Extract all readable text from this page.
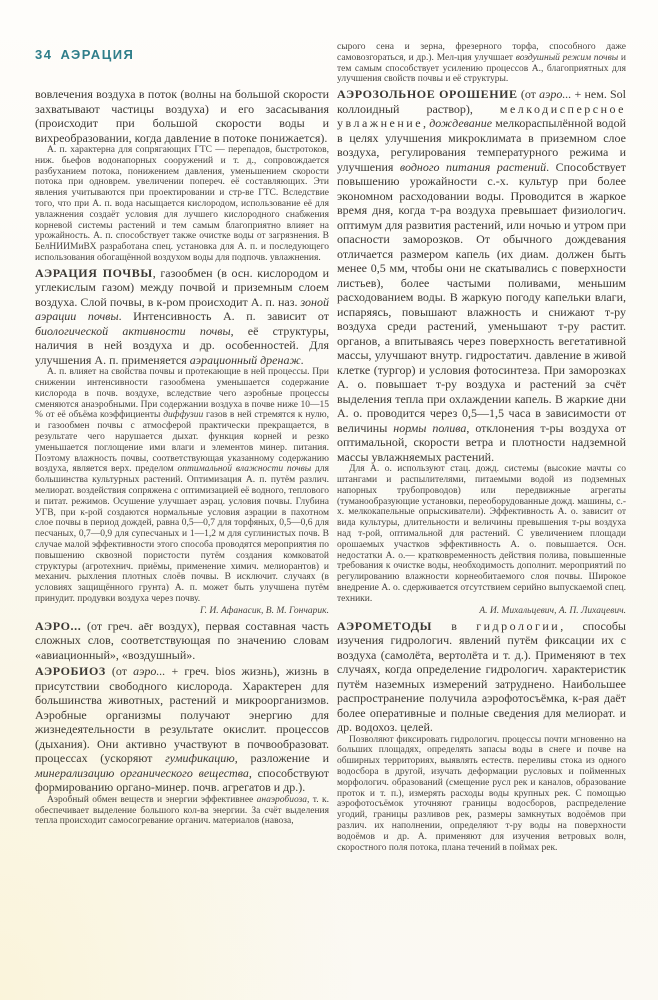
34 АЭРАЦИЯ

вовлечения воздуха в поток (волны на большой скорости захватывают частицы воздуха) и его засасывания (происходит при большой скорости воды и вихреобразовании, когда давление в потоке понижается).

А. п. характерна для сопрягающих ГТС — перепадов, быстротоков, ниж. бьефов водонапорных сооружений и т. д., сопровождается разбуханием потока, понижением давления, уменьшением скорости потока при одноврем. увеличении попереч. её составляющих. Эти явления учитываются при проектировании и стр-ве ГТС. Вследствие того, что при А. п. вода насыщается кислородом, использование её для увлажнения создаёт условия для лучшего кислородного снабжения корневой системы растений и тем самым благоприятно влияет на урожайность. А. п. способствует также очистке воды от загрязнения. В БелНИИМиВХ разработана спец. установка для А. п. и последующего использования обогащённой воздухом воды для подпочв. увлажнения.

АЭРАЦИЯ ПОЧВЫ, газообмен (в осн. кислородом и углекислым газом) между почвой и приземным слоем воздуха. Слой почвы, в к-ром происходит А. п. наз. зоной аэрации почвы. Интенсивность А. п. зависит от биологической активности почвы, её структуры, наличия в ней воздуха и др. особенностей. Для улучшения А. п. применяется аэрационный дренаж.

А. п. влияет на свойства почвы и протекающие в ней процессы. При снижении интенсивности газообмена уменьшается содержание кислорода в почв. воздухе, вследствие чего аэробные процессы сменяются анаэробными. При содержании воздуха в почве ниже 10—15 % от её объёма коэффициенты диффузии газов в ней стремятся к нулю, и газообмен почвы с атмосферой практически прекращается, в результате чего нарушается дыхат. функция корней и резко уменьшается поглощение ими влаги и элементов минер. питания. Поэтому влажность почвы, соответствующая указанному содержанию воздуха, является верх. пределом оптимальной влажности почвы для большинства культурных растений. Оптимизация А. п. путём различ. мелиорат. воздействия сопряжена с оптимизацией её водного, теплового и питат. режимов. Осушение улучшает аэрац. условия почвы. Глубина УГВ, при к-рой создаются нормальные условия аэрации в пахотном слое почвы в период дождей, равна 0,5—0,7 для торфяных, 0,5—0,6 для песчаных, 0,7—0,9 для супесчаных и 1—1,2 м для суглинистых почв. В случае малой эффективности этого способа проводятся мероприятия по повышению сквозной пористости путём создания комковатой структуры (агротехнич. приёмы, применение химич. мелиорантов) и механич. рыхления плотных слоёв почвы. В исключит. случаях (в условиях защищённого грунта) А. п. может быть улучшена путём принудит. продувки воздуха через почву.

Г. И. Афанасик, В. М. Гончарик.

АЭРО... (от греч. aēr воздух), первая составная часть сложных слов, соответствующая по значению словам «авиационный», «воздушный».

АЭРОБИОЗ (от аэро... + греч. bios жизнь), жизнь в присутствии свободного кислорода. Характерен для большинства животных, растений и микроорганизмов. Аэробные организмы получают энергию для жизнедеятельности в результате окислит. процессов (дыхания). Они активно участвуют в почвообразоват. процессах (ускоряют гумификацию, разложение и минерализацию органического вещества, способствуют формированию органо-минер. почв. агрегатов и др.).

Аэробный обмен веществ и энергии эффективнее анаэробиоза, т. к. обеспечивает выделение большого кол-ва энергии. За счёт выделения тепла происходит самосогревание органич. материалов (навоза,

сырого сена и зерна, фрезерного торфа, способного даже самовозгораться, и др.). Мел-ция улучшает воздушный режим почвы и тем самым способствует усилению процессов А., благоприятных для улучшения свойств почвы и её структуры.

АЭРОЗОЛЬНОЕ ОРОШЕНИЕ (от аэро... + нем. Sol коллоидный раствор), мелкодисперсное увлажнение, дождевание мелкораспылённой водой в целях улучшения микроклимата в приземном слое воздуха, регулирования температурного режима и улучшения водного питания растений. Способствует повышению урожайности с.-х. культур при более экономном расходовании воды. Проводится в жаркое время дня, когда т-ра воздуха превышает физиологич. оптимум для развития растений, или ночью и утром при опасности заморозков. От обычного дождевания отличается размером капель (их диам. должен быть менее 0,5 мм, чтобы они не скатывались с поверхности листьев), более частыми поливами, меньшим расходованием воды. В жаркую погоду капельки влаги, испаряясь, повышают влажность и снижают т-ру воздуха среди растений, уменьшают т-ру растит. органов, а впитываясь через поверхность вегетативной массы, улучшают внутр. гидростатич. давление в живой клетке (тургор) и условия фотосинтеза. При заморозках А. о. повышает т-ру воздуха и растений за счёт выделения тепла при охлаждении капель. В жаркие дни А. о. проводится через 0,5—1,5 часа в зависимости от величины нормы полива, отклонения т-ры воздуха от оптимальной, скорости ветра и плотности надземной массы увлажняемых растений.

Для А. о. используют стац. дожд. системы (высокие мачты со штангами и распылителями, питаемыми водой из подземных напорных трубопроводов) или передвижные агрегаты (туманообразующие установки, переоборудованные дожд. машины, с.-х. мелкокапельные опрыскиватели). Эффективность А. о. зависит от вида культуры, длительности и величины превышения т-ры воздуха над т-рой, оптимальной для растений. С увеличением площади орошаемых участков эффективность А. о. повышается. Осн. недостатки А. о.— кратковременность действия полива, повышенные требования к очистке воды, необходимость дополнит. мероприятий по регулированию влажности корнеобитаемого слоя почвы. Широкое внедрение А. о. сдерживается отсутствием серийно выпускаемой спец. техники.

А. И. Михальцевич, А. П. Лихацевич.

АЭРОМЕТОДЫ в гидрологии, способы изучения гидрологич. явлений путём фиксации их с воздуха (самолёта, вертолёта и т. д.). Применяют в тех случаях, когда определение гидрологич. характеристик путём наземных измерений затруднено. Наибольшее распространение получила аэрофотосъёмка, к-рая даёт более оперативные и полные сведения для мелиорат. и др. водохоз. целей.

Позволяют фиксировать гидрологич. процессы почти мгновенно на больших площадях, определять запасы воды в снеге и почве на обширных территориях, выявлять естеств. переливы стока из одного водосбора в другой, изучать деформации русловых и пойменных морфологич. образований (смещение русл рек и каналов, образование проток и т. п.), измерять расходы воды крупных рек. С помощью аэрофотосъёмок уточняют границы водосборов, распределение угодий, границы разливов рек, размеры замкнутых водоёмов при различ. их наполнении, определяют т-ру воды на поверхности водоёмов и др. А. применяют для изучения ветровых волн, скоростного поля потока, плана течений в поймах рек.
